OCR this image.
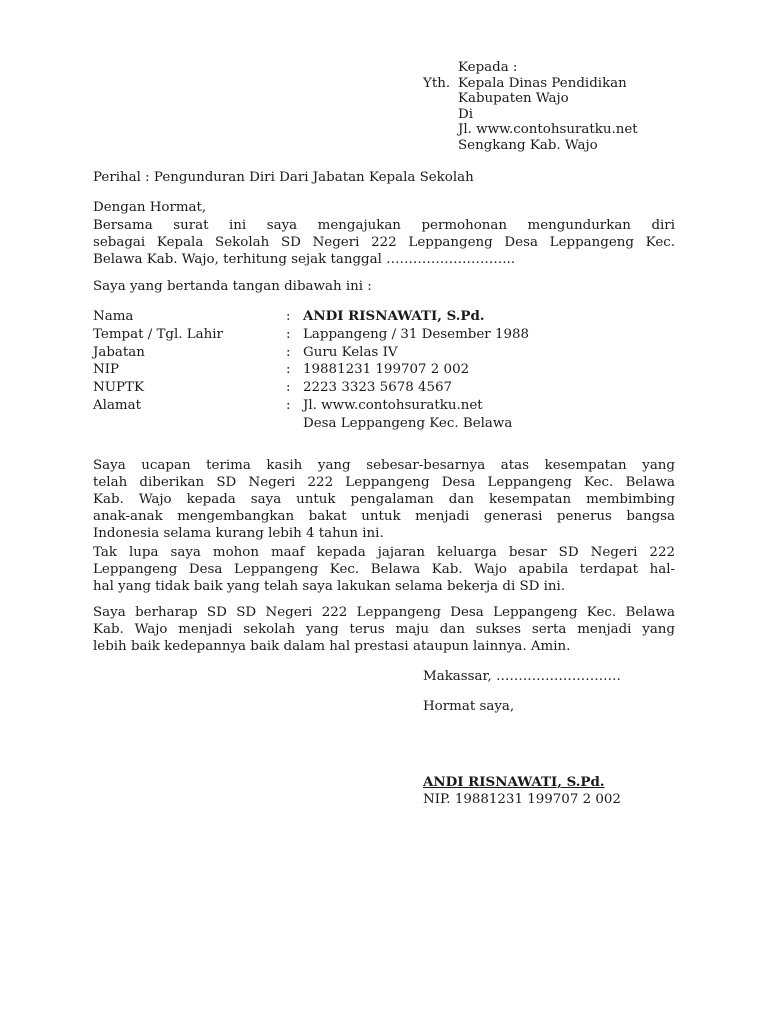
Kepada :
Yth. Kepala Dinas Pendidikan
Kabupaten Wajo
Di
Jl. www.contohsuratku.net
Sengkang Kab. Wajo
Perihal : Pengunduran Diri Dari Jabatan Kepala Sekolah
Dengan Hormat,
Bersama surat ini saya mengajukan permohonan mengundurkan diri
sebagai Kepala Sekolah SD Negeri 222 Leppangeng Desa Leppangeng Kec.
Belawa Kab. Wajo, terhitung sejak tanggal ………………………..
Saya yang bertanda tangan dibawah ini :
Nama	: ANDI RISNAWATI, S.Pd.
Tempat / Tgl. Lahir	: Lappangeng / 31 Desember 1988
Jabatan	: Guru Kelas IV
NIP	: 19881231 199707 2 002
NUPTK	: 2223 3323 5678 4567
Alamat	: Jl. www.contohsuratku.net
Desa Leppangeng Kec. Belawa
Saya ucapan terima kasih yang sebesar-besarnya atas kesempatan yang
telah diberikan SD Negeri 222 Leppangeng Desa Leppangeng Kec. Belawa
Kab. Wajo kepada saya untuk pengalaman dan kesempatan membimbing
anak-anak mengembangkan bakat untuk menjadi generasi penerus bangsa
Indonesia selama kurang lebih 4 tahun ini.
Tak lupa saya mohon maaf kepada jajaran keluarga besar SD Negeri 222
Leppangeng Desa Leppangeng Kec. Belawa Kab. Wajo apabila terdapat hal-
hal yang tidak baik yang telah saya lakukan selama bekerja di SD ini.
Saya berharap SD SD Negeri 222 Leppangeng Desa Leppangeng Kec. Belawa
Kab. Wajo menjadi sekolah yang terus maju dan sukses serta menjadi yang
lebih baik kedepannya baik dalam hal prestasi ataupun lainnya. Amin.
Makassar, ……………………….
Hormat saya,
ANDI RISNAWATI, S.Pd.
NIP. 19881231 199707 2 002
